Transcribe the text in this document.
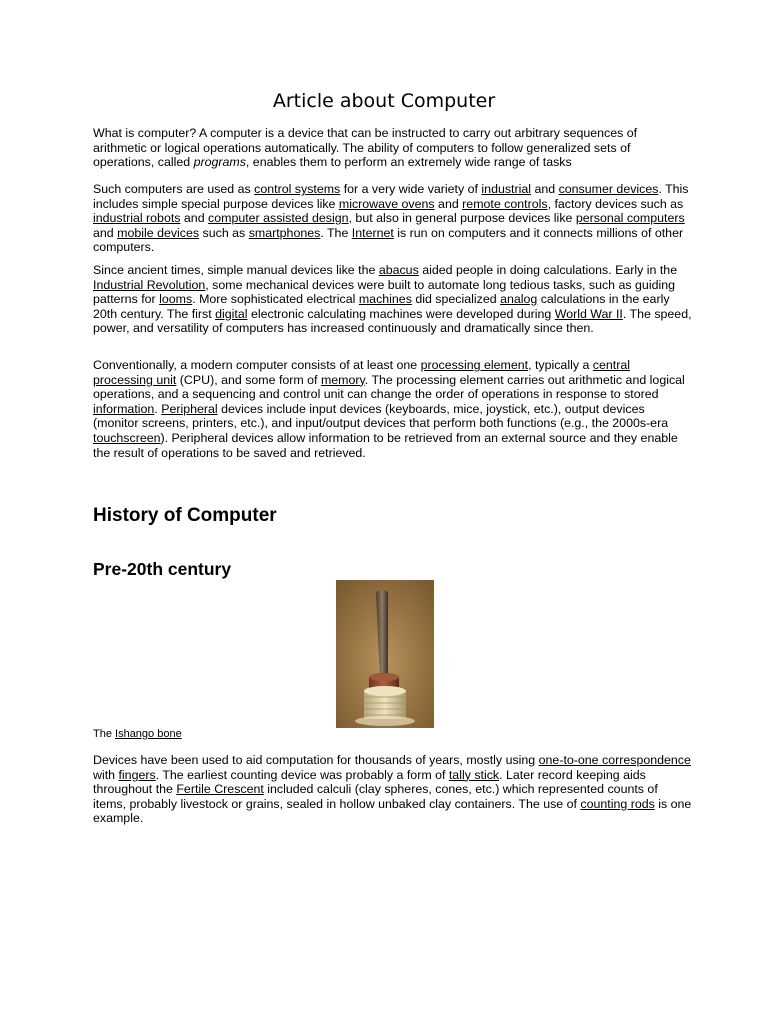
Article about Computer

What is computer? A computer is a device that can be instructed to carry out arbitrary sequences of arithmetic or logical operations automatically. The ability of computers to follow generalized sets of operations, called programs, enables them to perform an extremely wide range of tasks

Such computers are used as control systems for a very wide variety of industrial and consumer devices. This includes simple special purpose devices like microwave ovens and remote controls, factory devices such as industrial robots and computer assisted design, but also in general purpose devices like personal computers and mobile devices such as smartphones. The Internet is run on computers and it connects millions of other computers.

Since ancient times, simple manual devices like the abacus aided people in doing calculations. Early in the Industrial Revolution, some mechanical devices were built to automate long tedious tasks, such as guiding patterns for looms. More sophisticated electrical machines did specialized analog calculations in the early 20th century. The first digital electronic calculating machines were developed during World War II. The speed, power, and versatility of computers has increased continuously and dramatically since then.

Conventionally, a modern computer consists of at least one processing element, typically a central processing unit (CPU), and some form of memory. The processing element carries out arithmetic and logical operations, and a sequencing and control unit can change the order of operations in response to stored information. Peripheral devices include input devices (keyboards, mice, joystick, etc.), output devices (monitor screens, printers, etc.), and input/output devices that perform both functions (e.g., the 2000s-era touchscreen). Peripheral devices allow information to be retrieved from an external source and they enable the result of operations to be saved and retrieved.

History of Computer
Pre-20th century

The Ishango bone

Devices have been used to aid computation for thousands of years, mostly using one-to-one correspondence with fingers. The earliest counting device was probably a form of tally stick. Later record keeping aids throughout the Fertile Crescent included calculi (clay spheres, cones, etc.) which represented counts of items, probably livestock or grains, sealed in hollow unbaked clay containers. The use of counting rods is one example.
